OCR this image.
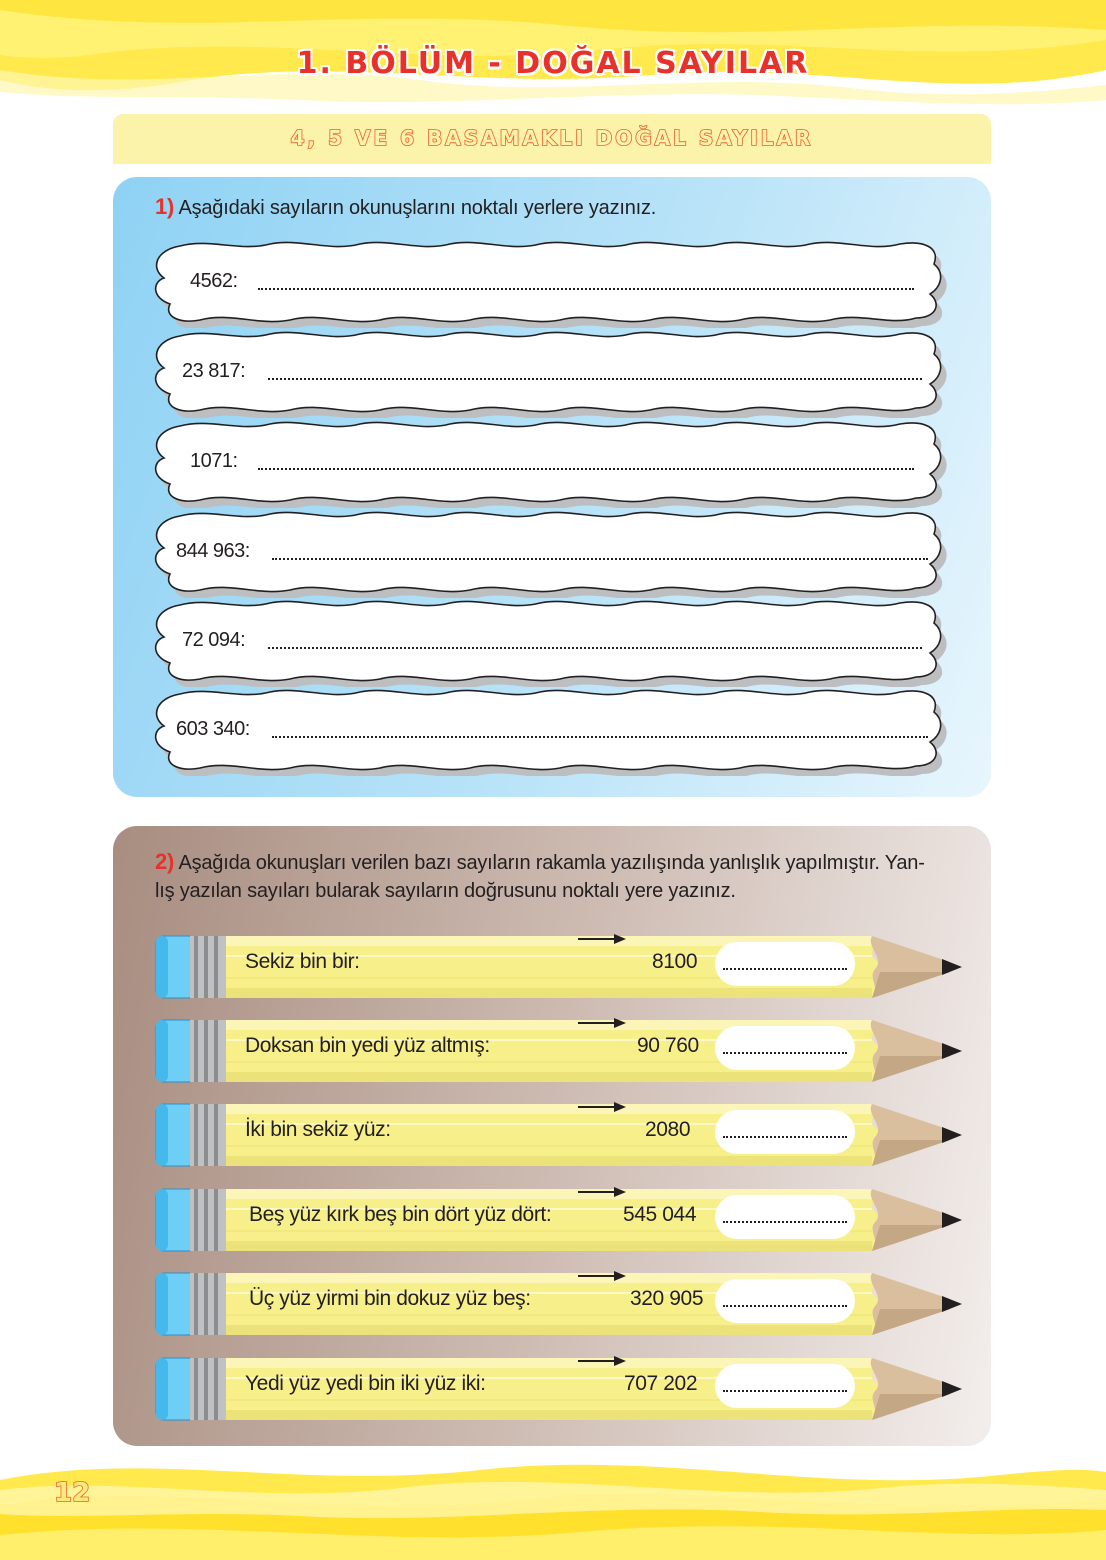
1. BÖLÜM - DOĞAL SAYILAR
4, 5 VE 6 BASAMAKLI DOĞAL SAYILAR
1) Aşağıdaki sayıların okunuşlarını noktalı yerlere yazınız.
4562:
23 817:
1071:
844 963:
72 094:
603 340:
2) Aşağıda okunuşları verilen bazı sayıların rakamla yazılışında yanlışlık yapılmıştır. Yan-
lış yazılan sayıları bularak sayıların doğrusunu noktalı yere yazınız.
Sekiz bin bir:	8100
Doksan bin yedi yüz altmış:	90 760
İki bin sekiz yüz:	2080
Beş yüz kırk beş bin dört yüz dört:	545 044
Üç yüz yirmi bin dokuz yüz beş:	320 905
Yedi yüz yedi bin iki yüz iki:	707 202
12
